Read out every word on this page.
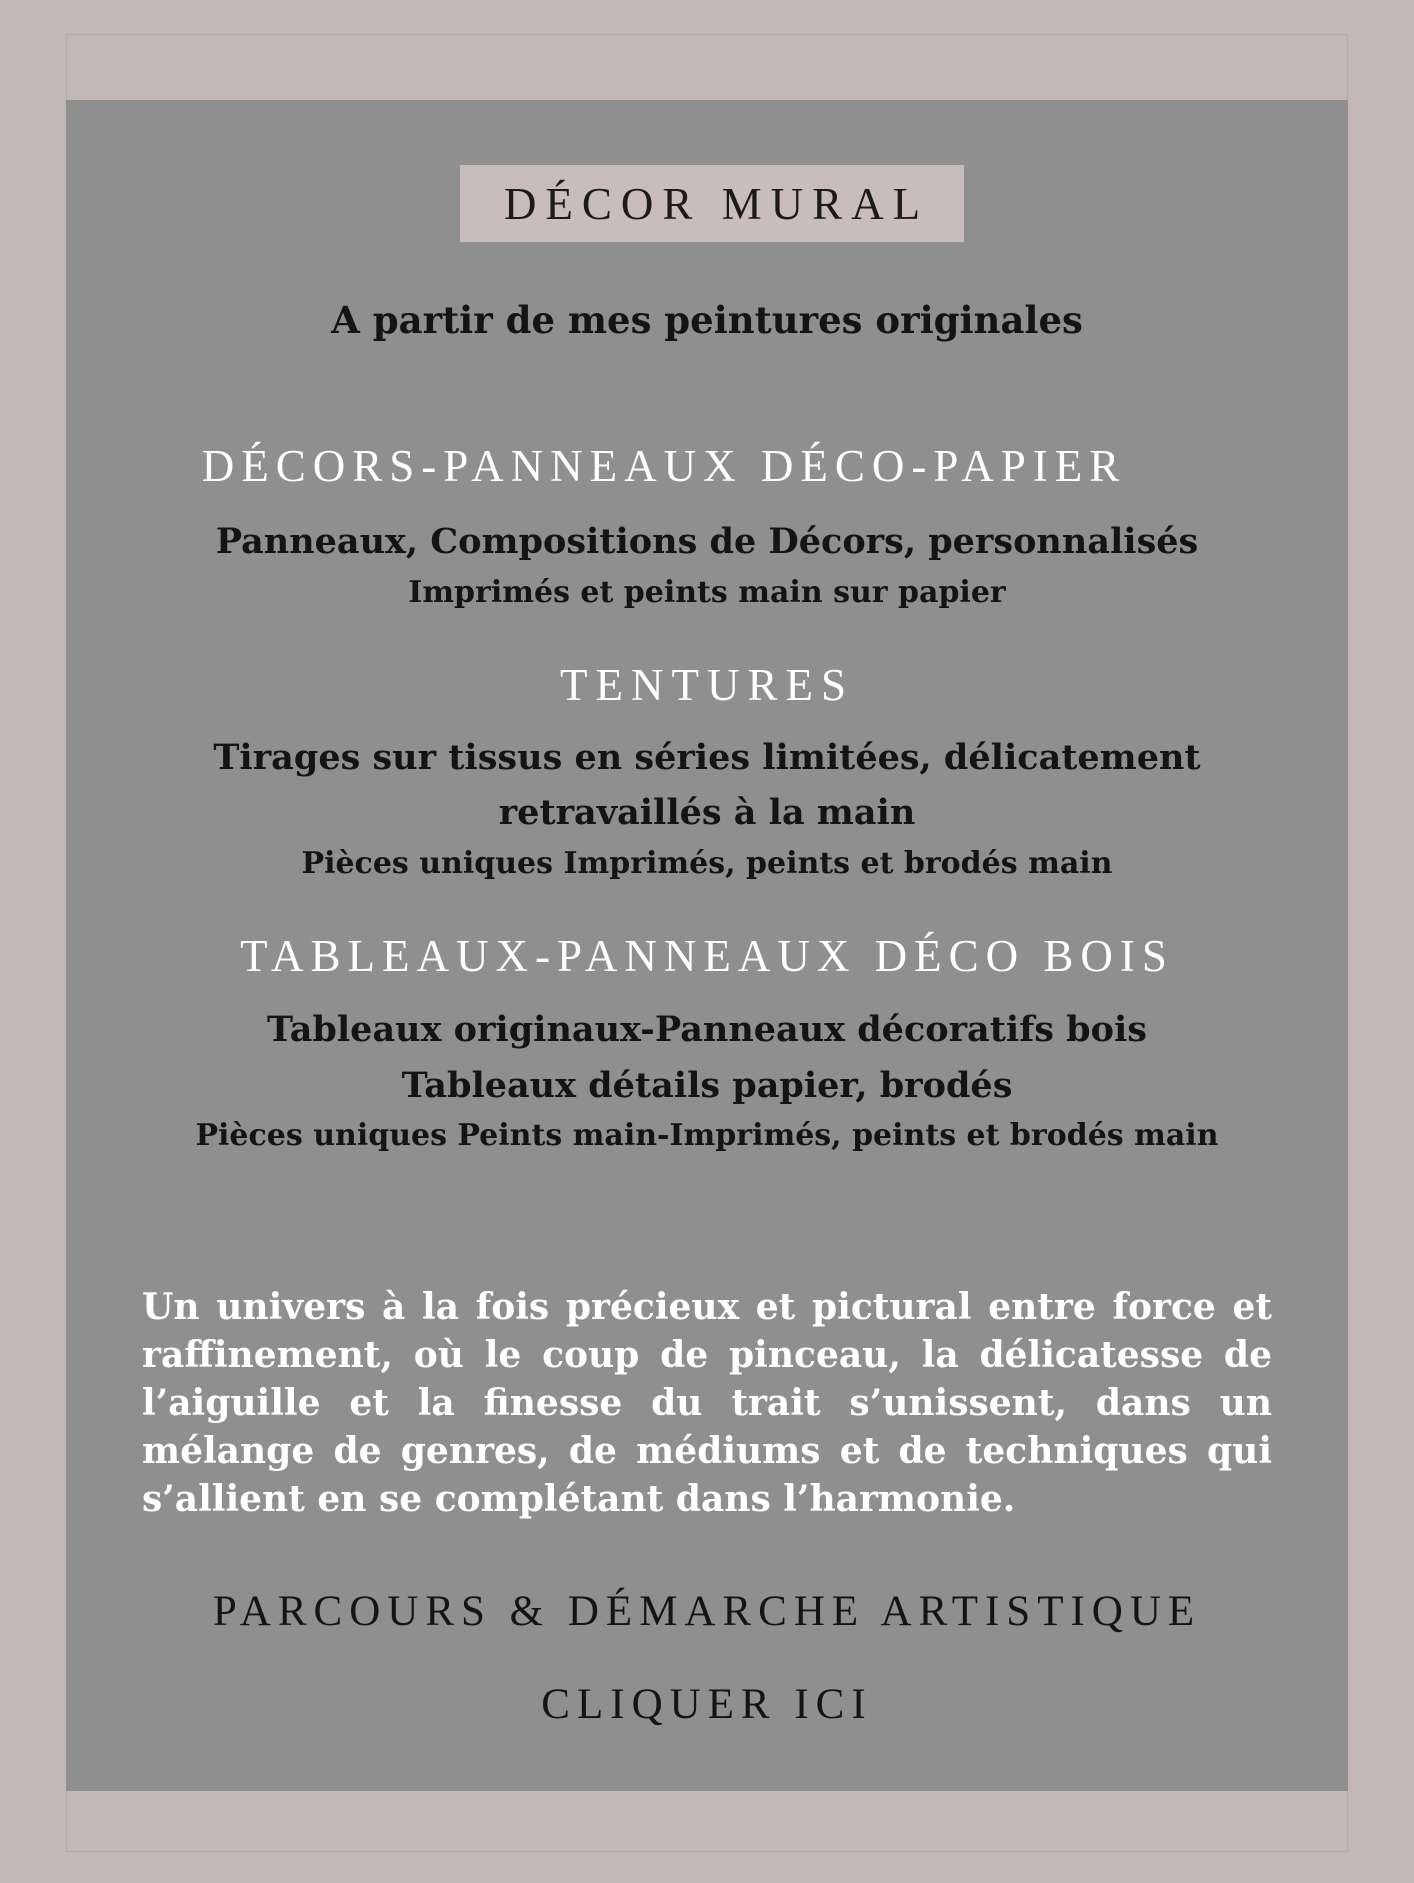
DÉCOR MURAL
A partir de mes peintures originales
DÉCORS-PANNEAUX DÉCO-PAPIER
Panneaux, Compositions de Décors, personnalisés
Imprimés et peints main sur papier
TENTURES
Tirages sur tissus en séries limitées, délicatement
retravaillés à la main
Pièces uniques Imprimés, peints et brodés main
TABLEAUX-PANNEAUX DÉCO BOIS
Tableaux originaux-Panneaux décoratifs bois
Tableaux détails papier, brodés
Pièces uniques Peints main-Imprimés, peints et brodés main
Un univers à la fois précieux et pictural entre force et raffinement, où le coup de pinceau, la délicatesse de l’aiguille et la finesse du trait s’unissent, dans un mélange de genres, de médiums et de techniques qui s’allient en se complétant dans l’harmonie.
PARCOURS & DÉMARCHE ARTISTIQUE
CLIQUER ICI
